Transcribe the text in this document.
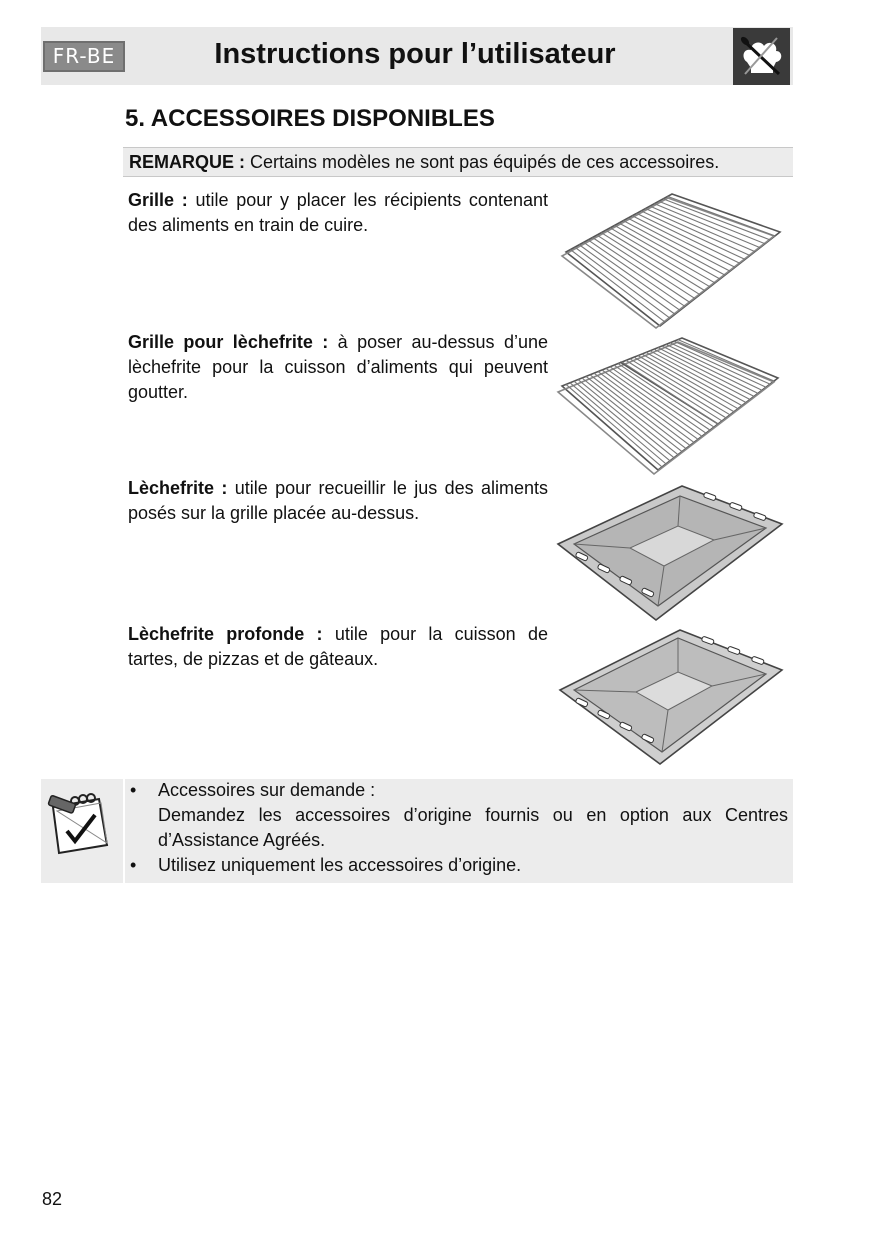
FR-BE	Instructions pour l’utilisateur
5. ACCESSOIRES DISPONIBLES
REMARQUE : Certains modèles ne sont pas équipés de ces accessoires.
Grille : utile pour y placer les récipients contenant
des aliments en train de cuire.
Grille pour lèchefrite : à poser au-dessus d’une
lèchefrite pour la cuisson d’aliments qui peuvent
goutter.
Lèchefrite : utile pour recueillir le jus des aliments
posés sur la grille placée au-dessus.
Lèchefrite profonde : utile pour la cuisson de
tartes, de pizzas et de gâteaux.
• Accessoires sur demande :
Demandez les accessoires d’origine fournis ou en option aux Centres
d’Assistance Agréés.
• Utilisez uniquement les accessoires d’origine.
82
